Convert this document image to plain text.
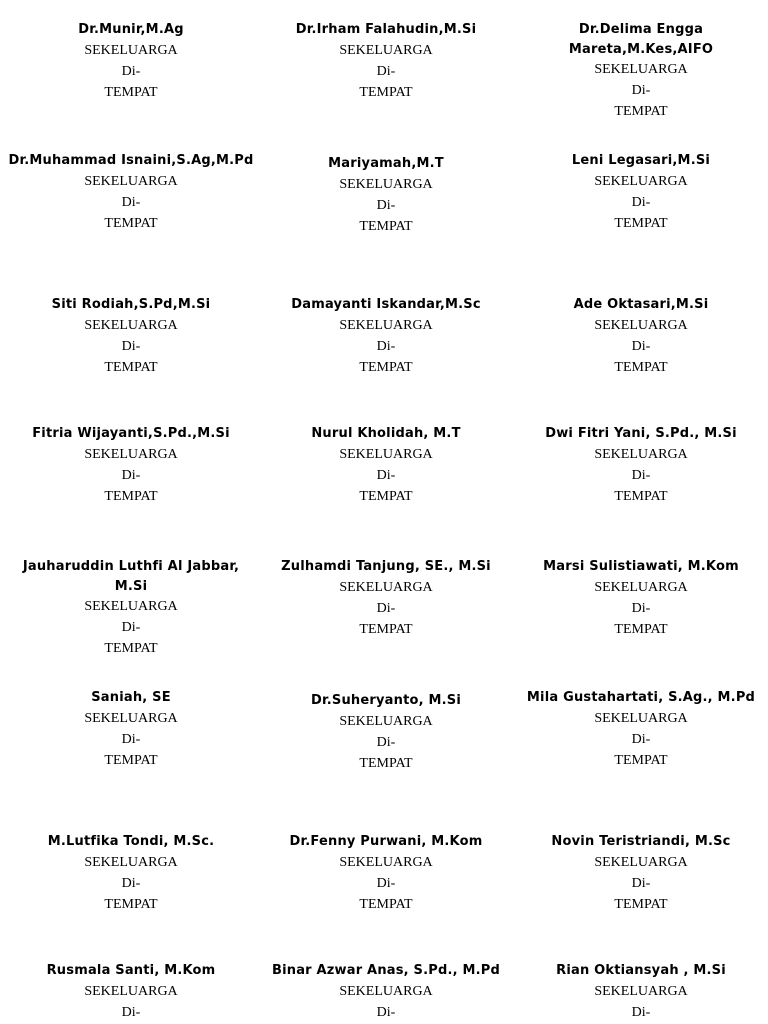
Dr.Munir,M.Ag

SEKELUARGA

Di-

TEMPAT

Dr.Irham Falahudin,M.Si

SEKELUARGA

Di-

TEMPAT

Dr.Delima Engga Mareta,M.Kes,AIFO

SEKELUARGA

Di-

TEMPAT

Dr.Muhammad Isnaini,S.Ag,M.Pd

SEKELUARGA

Di-

TEMPAT

Mariyamah,M.T

SEKELUARGA

Di-

TEMPAT

Leni Legasari,M.Si

SEKELUARGA

Di-

TEMPAT

Siti Rodiah,S.Pd,M.Si

SEKELUARGA

Di-

TEMPAT

Damayanti Iskandar,M.Sc

SEKELUARGA

Di-

TEMPAT

Ade Oktasari,M.Si

SEKELUARGA

Di-

TEMPAT

Fitria Wijayanti,S.Pd.,M.Si

SEKELUARGA

Di-

TEMPAT

Nurul Kholidah, M.T

SEKELUARGA

Di-

TEMPAT

Dwi Fitri Yani, S.Pd., M.Si

SEKELUARGA

Di-

TEMPAT

Jauharuddin Luthfi Al Jabbar, M.Si

SEKELUARGA

Di-

TEMPAT

Zulhamdi Tanjung, SE., M.Si

SEKELUARGA

Di-

TEMPAT

Marsi Sulistiawati, M.Kom

SEKELUARGA

Di-

TEMPAT

Saniah, SE

SEKELUARGA

Di-

TEMPAT

Dr.Suheryanto, M.Si

SEKELUARGA

Di-

TEMPAT

Mila Gustahartati, S.Ag., M.Pd

SEKELUARGA

Di-

TEMPAT

M.Lutfika Tondi, M.Sc.

SEKELUARGA

Di-

TEMPAT

Dr.Fenny Purwani, M.Kom

SEKELUARGA

Di-

TEMPAT

Novin Teristriandi, M.Sc

SEKELUARGA

Di-

TEMPAT

Rusmala Santi, M.Kom

SEKELUARGA

Di-

Binar Azwar Anas, S.Pd., M.Pd

SEKELUARGA

Di-

Rian Oktiansyah , M.Si

SEKELUARGA

Di-
